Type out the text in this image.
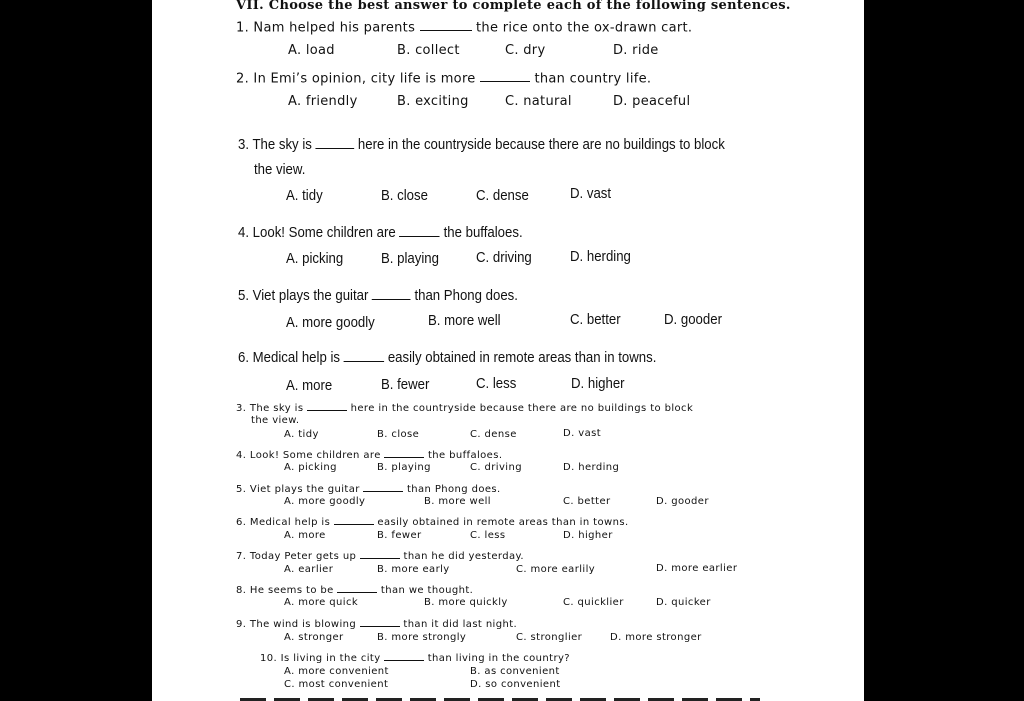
VII. Choose the best answer to complete each of the following sentences.
1. Nam helped his parents	the rice onto the ox-drawn cart.
A. load	B. collect	C. dry	D. ride
2. In Emi’s opinion, city life is more	than country life.
A. friendly	B. exciting	C. natural	D. peaceful
3. The sky is	here in the countryside because there are no buildings to block
the view.
A. tidy	B. close	C. dense	D. vast
4. Look! Some children are	the buffaloes.
A. picking	B. playing C. driving	D. herding
5. Viet plays the guitar	than Phong does.
A. more goodly	B. more well	C. better	D. gooder
6. Medical help is	easily obtained in remote areas than in towns.
A. more	B. fewer	C. less	D. higher
3. The sky is	here in the countryside because there are no buildings to block
the view.
A. tidy	B. close	C. dense	D. vast
4. Look! Some children are	the buffaloes.
A. picking	B. playing	C. driving	D. herding
5. Viet plays the guitar	than Phong does.
A. more goodly	B. more well	C. better	D. gooder
6. Medical help is	easily obtained in remote areas than in towns.
A. more	B. fewer	C. less	D. higher
7. Today Peter gets up	than he did yesterday.
A. earlier	B. more early	C. more earlily	D. more earlier
8. He seems to be	than we thought.
A. more quick	B. more quickly	C. quicklier	D. quicker
9. The wind is blowing	than it did last night.
A. stronger	B. more strongly	C. stronglier	D. more stronger
10. Is living in the city	than living in the country?
A. more convenient	B. as convenient
C. most convenient	D. so convenient
